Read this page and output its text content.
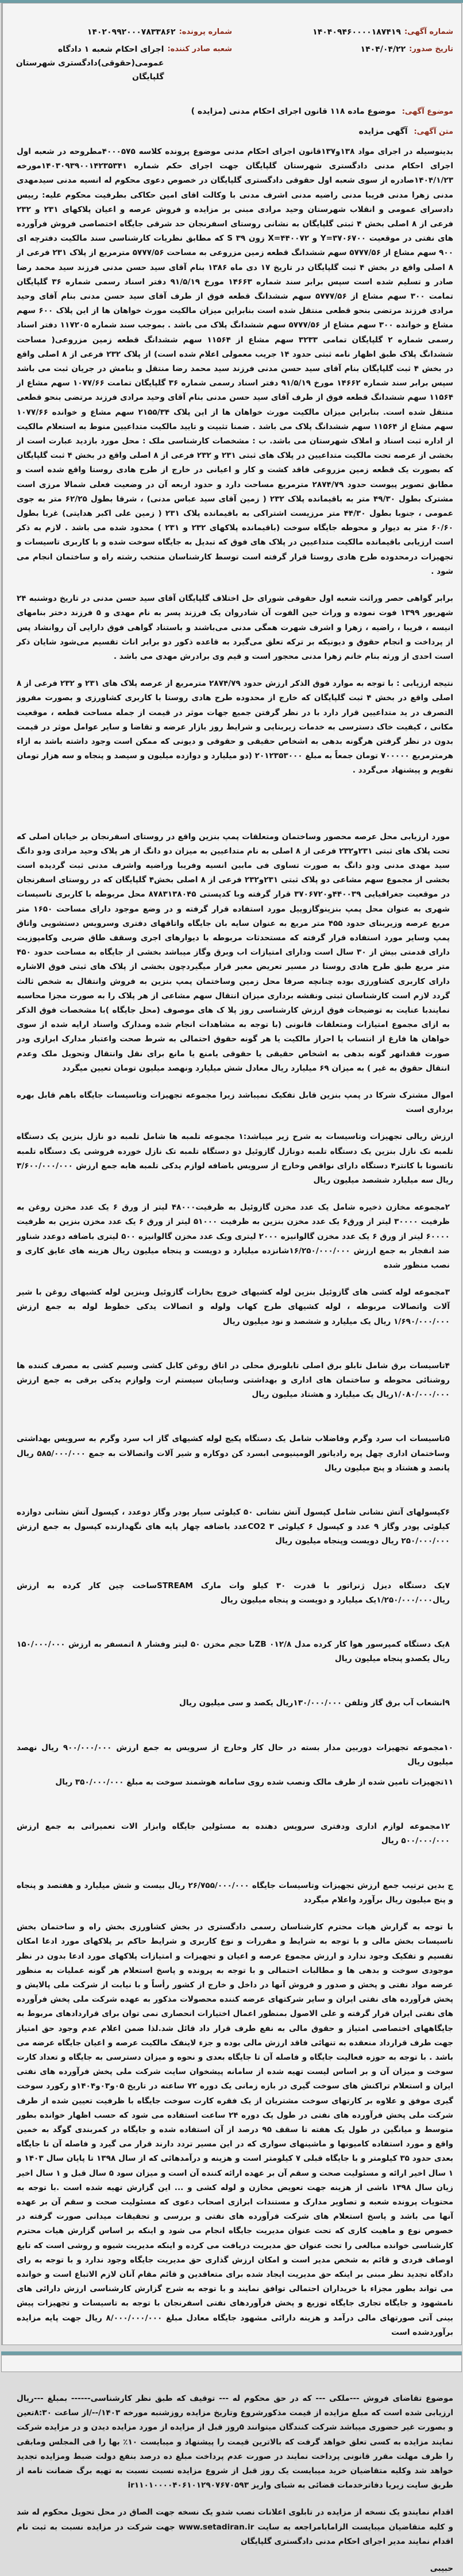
شماره آگهی:
۱۴۰۴۰۹۴۶۰۰۰۰۱۸۷۴۱۹
شماره پرونده:
۱۴۰۲۰۹۹۲۰۰۰۷۸۳۳۸۶۲
تاریخ صدور:
۱۴۰۴/۰۴/۲۲
شعبه صادر کننده:
اجرای احکام شعبه ۱ دادگاه عمومی(حقوقی)دادگستری شهرستان گلپایگان
موضوع آگهی: موضوع ماده ۱۱۸ قانون اجرای احکام مدنی (مزایده )
متن آگهی: آگهی مزایده

بدینوسیله در اجرای مواد ۱۳۸و۱۳۷قانون اجرای احکام مدنی موضوع پرونده کلاسه ۴۰۰۰۵۷۵مطروحه در شعبه اول اجرای احکام مدنی دادگستری شهرستان گلپایگان جهت اجرای حکم شماره ۱۴۰۳۰۹۳۹۰۰۱۴۲۳۵۳۴۱مورخه ۱۴۰۴/۱/۲۳صادره از سوی شعبه اول حقوقی دادگستری گلپایگان در خصوص دعوی محکوم له انسیه مدنی سیدمهدی مدنی زهرا مدنی فریبا مدنی راضیه مدنی اشرف مدنی با وکالت اقای امین حکاکی بطرفیت محکوم علیه: رییس دادسرای عمومی و انقلاب شهرستان وحید مرادی مبنی بر مزایده و فروش عرصه و اعیان پلاکهای ۲۳۱ و ۲۳۲ فرعی از ۸ اصلی بخش ۴ ثبتی گلپایگان به نشانی روستای اسفرنجان حد شرقی جایگاه اختصاصی فروش فرآورده های نفتی در موقعیت ۳۷۰۶۷۰۰=Y و ۴۴۰۰۷۲=X زون ۳۹ S که مطابق نظریات کارشناسی سند مالکیت دفترچه ای ۹۰۰ سهم مشاع از ۵۷۷۷/۵۶ سهم ششدانگ قطعه زمین مزروعی به مساحت ۵۷۷۷/۵۶ مترمربع از پلاک ۲۳۱ فرعی از ۸ اصلی واقع در بخش ۴ ثبت گلپایگان در تاریخ ۱۷ دی ماه ۱۳۸۶ بنام آقای سید حسن مدنی فرزند سید محمد رضا صادر و تسلیم شده است سپس برابر سند شماره ۱۴۶۶۳ مورخ ۹۱/۵/۱۹ دفتر اسناد رسمی شماره ۳۶ گلپایگان تمامت ۳۰۰ سهم مشاع از ۵۷۷۷/۵۶ سهم ششدانگ قطعه فوق از طرف آقای سید حسن مدنی بنام آقای وحید مرادی فرزند مرتضی بنحو قطعی منتقل شده است بنابراین میزان مالکیت مورث خواهان ها از این پلاک ۶۰۰ سهم مشاع و خوانده ۳۰۰ سهم مشاع از ۵۷۷۷/۵۶ سهم ششدانگ پلاک می باشد . بموجب سند شماره ۱۱۷۲۰۵ دفتر اسناد رسمی شماره ۲ گلپایگان تمامی ۳۲۳۳ سهم مشاع از ۱۱۵۶۴ سهم ششدانگ قطعه زمین مزروعی( مساحت ششدانگ پلاک طبق اظهار نامه ثبتی حدود ۱۴ جریب معمولی اعلام شده است) از پلاک ۲۳۲ فرعی از ۸ اصلی واقع در بخش ۴ ثبت گلپایگان بنام آقای سید حسن مدنی فرزند سید محمد رضا منتقل و بنامش در جریان ثبت می باشد سپس برابر سند شماره ۱۴۶۶۲ مورخ ۹۱/۵/۱۹ دفتر اسناد رسمی شماره ۳۶ گلپایگان تمامت ۱۰۷۷/۶۶ سهم مشاع از ۱۱۵۶۴ سهم ششدانگ قطعه فوق از طرف آقای سید حسن مدنی بنام آقای وحید مرادی فرزند مرتضی بنحو قطعی منتقل شده است. بنابراین میزان مالکیت مورث خواهان ها از این پلاک ۲۱۵۵/۳۴ سهم مشاع و خوانده ۱۰۷۷/۶۶ سهم مشاع از ۱۱۵۶۴ سهم ششدانگ پلاک می باشد . ضمنا تثبیت و تایید مالکیت متداعیین منوط به استعلام مالکیت از اداره ثبت اسناد و املاک شهرستان می باشد. ب : مشخصات کارشناسی ملک : محل مورد بازدید عبارت است از بخشی از عرصه تحت مالکیت متداعیین در پلاک های ثبتی ۲۳۱ و ۲۳۲ فرعی از ۸ اصلی واقع در بخش ۴ ثبت گلپایگان که بصورت یک قطعه زمین مزروعی فاقد کشت و کار و اعیانی در خارج از طرح هادی روستا واقع شده است و مطابق تصویر پیوست حدود ۲۸۷۴/۷۹ مترمربع مساحت دارد و حدود اربعه آن در وضعیت فعلی شمالا مرزی است مشترک بطول ۴۹/۳۰ متر به باقیمانده پلاک ۲۳۲ ( زمین آقای سید عباس مدنی) ، شرقا بطول ۶۲/۲۵ متر به جوی عمومی ، جنوبا بطول ۴۴/۳۰ متر مرزیست اشتراکی به باقیمانده پلاک ۲۳۱ ( زمین علی اکبر هدایتی) غربا بطول ۶۰/۶۰ متر به دیوار و محوطه جایگاه سوخت (باقیمانده پلاکهای ۲۳۲ و ۲۳۱ ) محدود شده می باشد . لازم به ذکر است ارزیابی باقیمانده مالکیت متداعیین در پلاک های فوق که تبدیل به جایگاه سوخت شده و با کاربری تاسیسات و تجهیزات درمحدوده طرح هادی روستا قرار گرفته است توسط کارشناسان منتخب رشته راه و ساختمان انجام می شود .

برابر گواهی حصر وراثت شعبه اول حقوقی شورای حل اختلاف گلپایگان آقای سید حسن مدنی در تاریخ دوشنبه ۲۴ شهریور ۱۳۹۹ فوت نموده و وراث حین الفوت آن شادروان یک فرزند پسر به نام مهدی و ۵ فرزند دختر بنامهای انیسه ، فریبا ، راضیه ، زهرا و اشرف شهرت همگی مدنی می‌باشند و باستناد گواهی فوق دارایی آن روانشاد پس از پرداخت و انجام حقوق و دیونیکه بر ترکه تعلق می‌گیرد به قاعده ذکور دو برابر اناث تقسیم می‌شود شایان ذکر است احدی از ورثه بنام خانم زهرا مدنی محجور است و قیم وی برادرش مهدی می باشد .

نتیجه ارزیابی : با توجه به موارد فوق الذکر ارزش حدود ۲۸۷۴/۷۹ مترمربع از عرصه پلاک های ۲۳۱ و ۲۳۲ فرعی از ۸ اصلی واقع در بخش ۴ ثبت گلپایگان که خارج از محدوده طرح هادی روستا با کاربری کشاورزی و بصورت مفروز التصرف در ید متداعیین قرار دارد با در نظر گرفتن جمیع جهات موثر در قیمت از جمله مساحت قطعه ، موقعیت مکانی ، کیفیت خاک دسترسی به خدمات زیربنایی و شرایط روز بازار عرضه و تقاضا و سایر عوامل موثر در قیمت بدون در نظر گرفتن هرگونه بدهی به اشخاص حقیقی و حقوقی و دیونی که ممکن است وجود داشته باشد به ازاء هرمترمربع ۷۰۰۰۰۰ تومان جمعاً به مبلغ ۲۰۱۲۳۵۳۰۰۰ (دو میلیارد و دوازده میلیون و سیصد و پنجاه و سه هزار تومان تقویم و پیشنهاد می‌گردد .

مورد ارزیابی محل عرصه محصور وساختمان ومتعلقات پمپ بنزین واقع در روستای اسفرنجان بر خیابان اصلی که تحت پلاک های ثبتی ۲۳۱و۲۳۲ فرعی از ۸ اصلی به نام متداعیین به میزان دو دانگ از هر پلاک وحید مرادی ودو دانگ سید مهدی مدنی ودو دانگ به صورت تساوی فی مابین انسیه وفریبا وراضیه واشرف مدنی ثبت گردیده است بخشی از مجموع سهم مشاعی دو پلاک ثبتی ۲۳۱و۲۳۲ فرعی از ۸ اصلی بخش۴ گلپایگان که در روستای اسفرنجان در موقعیت جغرافیایی ۴۴۰۰۳۹و۳۷۰۶۷۲۰ قرار گرفته وبا کدپستی ۸۷۸۳۱۳۸۰۴۵ محل مربوطه با کاربری تاسیسات شهری به عنوان محل پمپ بنزینوگازوییل مورد استفاده قرار گرفته و در وضع موجود دارای مساحت ۱۶۵۰ متر مربع عرصه وزیربنای حدود ۴۵۵ متر مربع به عنوان سایه بان جایگاه واتاقهای دفتری وسرویس دستشویی واتاق پمپ وسایر مورد استفاده قرار گرفته که مستحدثات مربوطه با دیوارهای اجری وسقف طاق ضربی وکامپوزیت دارای قدمتی بیش از ۳۰ سال است ودارای امتیازات اب وبرق وگاز میباشد بخشی از جایگاه به مساحت حدود ۴۵۰ متر مربع طبق طرح هادی روستا در مسیر تعریض معبر قرار میگیردچون بخشی از پلاک های ثبتی فوق الاشاره دارای کاربری کشاورزی بوده چنانچه صرفا محل زمین وساختمان پمپ بنزین به فروش وانتقال به شخص ثالث گردد لازم است کارشناسان ثبتی ونقشه برداری میزان انتقال سهم مشاعی از هر پلاک را به صورت مجزا محاسبه نمایندبا عنایت به توضیحات فوق ارزش کارشناسی روز پلا ک های موصوف (محل جایگاه )با مشخصات فوق الذکر به ازای مجموع امتیازات ومتعلقات قانونی (با توجه به مشاهدات انجام شده ومدارک واسناد ارایه شده از سوی خواهان ها فارغ از انتساب یا احراز مالکیت یا هر گونه حقوق احتمالی به شرط صحت واعتبار مدارک ابرازی ودر صورت فقدانهر گونه بدهی به اشخاص حقیقی یا حقوقی یامنع یا مانع برای نقل وانتقال وتحویل ملک وعدم انتقال حقوق به غیر ) به میزان ۶۹ میلیارد ریال معادل شش میلیارد ونهصد میلیون تومان تعیین میگردد

اموال مشترک شرکا در پمپ بنزین قابل تفکیک نمیباشد زیرا مجموعه تجهیزات وتاسیسات جایگاه باهم قابل بهره برداری است

ارزش ریالی تجهیزات وتاسیسات به شرح زیر میباشد:۱ مجموعه تلمبه ها شامل تلمبه دو نازل بنزین یک دستگاه تلمبه تک نازل بنزین یک دستگاه تلمبه دونازل گازوئیل دو دستگاه تلمبه تک نازل خورده فروشی یک دستگاه تلمبه تاتسونا با کانتر۴ دستگاه دارای نواقص وخارج از سرویس باضافه لوازم یدکی تلمبه هابه جمع ارزش ۳/۶۰۰/۰۰۰/۰۰۰ ریال سه میلیارد ششصد میلیون ریال

۲مجموعه مخازن ذخیره شامل یک عدد مخزن گازوئیل به ظرفیت۴۸۰۰۰ لیتر از ورق ۶ یک عدد مخزن روغن به ظرفیت ۳۰۰۰۰ لیتر از ورق۶ یک عدد مخزن بنزین به ظرفیت ۵۱۰۰۰ لیتر از ورق ۶ یک عدد مخزن بنزین به ظرفیت ۶۰۰۰۰ لیتر از ورق ۶ یک عدد مخزن گالوانیزه ۲۰۰۰ لیتری ویک عدد مخزن گالوانیزه ۵۰۰ لیتری باضافه دوعدد شناور ضد انفجار به جمع ارزش ۱۶/۲۵۰/۰۰۰/۰۰۰شانزده میلیارد و دویست و پنجاه میلیون ریال هزینه های عایق کاری و نصب منظور شده

۳مجموعه لوله کشی های گازوئیل بنزین لوله کشیهای خروج بخارات گازوئیل وبنزین لوله کشیهای روغن با شیر آلات واتصالات مربوطه ، لوله کشیهای طرح کهاب ولوله و اتصالات یدکی خطوط لوله به جمع ارزش ۱/۶۹۰/۰۰۰/۰۰۰ ریال یک میلیارد و ششصد و نود میلیون ریال

۴تاسیسات برق شامل تابلو برق اصلی تابلوبرق محلی در اتاق روغن کابل کشی وسیم کشی به مصرف کننده ها روشنائی محوطه و ساختمان های اداری و بهداشتی وسایبان سیستم ارت ولوازم یدکی برقی به جمع ارزش ۱/۰۸۰/۰۰۰/۰۰۰ریال یک میلیارد و هشتاد میلیون ریال

۵تاسیسات اب سرد وگرم وفاضلاب شامل یک دستگاه پکیج لوله کشیهای گاز اب سرد وگرم به سرویس بهداشتی وساختمان اداری چهل پره رادیاتور الومینیومی ابسرد کن دوکاره و شیر آلات واتصالات به جمع ۵۸۵/۰۰۰/۰۰۰ ریال پانصد و هشتاد و پنج میلیون ریال

۶کپسولهای آتش نشانی شامل کپسول آتش نشانی ۵۰ کیلوئی سیار پودر وگاز دوعدد ، کپسول آتش نشانی دوازده کیلوئی پودر وگاز ۹ عدد و کپسول ۶ کیلوئی CO2 ۳عدد باضافه چهار پایه های نگهدارنده کپسول به جمع ارزش ۲۵۰/۰۰۰/۰۰۰ ریال دویست وپنجاه میلیون ریال

۷یک دستگاه دیزل ژنراتور با قدرت ۳۰ کیلو وات مارک STREAMساخت چین کار کرده به ارزش ریال۱/۲۵۰/۰۰۰/۰۰۰یک میلیارد و دویست و پنجاه میلیون ریال

۸یک دستگاه کمپرسور هوا کار کرده مدل ZB ۰۱۲/۸با حجم مخزن ۵۰ لیتر وفشار ۸ اتمسفر به ارزش ۱۵۰/۰۰۰/۰۰۰ ریال یکصدو پنجاه میلیون ریال

۹انشعاب آب برق گاز وتلفن ۱۳۰/۰۰۰/۰۰۰ریال یکصد و سی میلیون ریال

۱۰مجموعه تجهیزات دوربین مدار بسته در حال کار وخارج از سرویس به جمع ارزش ۹۰۰/۰۰۰/۰۰۰ ریال نهصد میلیون ریال

۱۱تجهیزات تامین شده از طرف مالک ونصب شده روی سامانه هوشمند سوخت به مبلغ ۳۵۰/۰۰۰/۰۰۰ ریال

۱۲مجموعه لوازم اداری ودفتری سرویس دهنده به مسئولین جایگاه وابزار الات تعمیراتی به جمع ارزش ۵۰۰/۰۰۰/۰۰۰ ریال

ج بدین ترتیب جمع ارزش تجهیزات وتاسیسات جایگاه ۲۶/۷۵۵/۰۰۰/۰۰۰ ریال بیست و شش میلیارد و هفتصد و پنجاه و پنج میلیون ریال برآورد واعلام میگردد

با توجه به گزارش هیات محترم کارشناسان رسمی دادگستری در بخش کشاورزی بخش راه و ساختمان بخش تاسیسات بخش مالی و با توجه به شرایط و مقررات و نوع کاربری و شرایط حاکم بر پلاکهای مورد ادعا امکان تقسیم و تفکیک وجود ندارد و ارزش مجموع عرصه و اعیان و تجهیزات و امتیازات پلاکهای مورد ادعا بدون در نظر موجودی سوخت و بدهی ها و مطالبات احتمالی و با توجه به پرونده و پاسخ استعلام هر گونه عملیات به منظور عرضه مواد نفتی و پخش و صدور و فروش آنها در داخل و خارج از کشور رأساً و با نیابت از شرکت ملی پالایش و پخش فرآورده های نفتی ایران و سایر شرکتهای عرضه کننده محصولات مذکور به عهده شرکت ملی پخش فرآورده های نفتی ایران قرار گرفته و علی الاصول بمنظور اعمال اختیارات انحصاری نمی توان برای قراردادهای مربوط به جایگاههای اختصاصی امتیاز و حقوق مالی به نفع طرف قرار داد قائل شد.لذا ضمن اعلام عدم وجود حق امتیاز جهت طرف قرارداد منعقده به تنهائی فاقد ارزش مالی بوده و جزء لاینفک مالکیت عرصه و اعیان جایگاه عرضه می باشد . با توجه به حوزه فعالیت جایگاه و فاصله آن تا جایگاه بعدی و نحوه و میزان دسترسی به جایگاه و تعداد کارت سوخت و میزان آن و بر اساس لیست تهیه شده از سامانه پیشخوان سایت شرکت ملی پخش فرآورده های نفتی ایران و استعلام تراکنش های سوخت گیری در بازه زمانی یک دوره ۷۲ ساعته در تاریخ ۰۵و۰۳و۱۴۰۴و رکورد سوخت گیری موفق و علاوه بر کارتهای سوخت مشتریان از یک فقره کارت سوخت جایگاه با ظرفیت تعیین شده از طرف شرکت ملی پخش فرآورده های نفتی در طول یک دوره ۲۴ ساعت استفاده می شود که حسب اظهار خوانده بطور متوسط و میانگین در طول یک هفته تا سقف ۹۵ درصد از آن استفاده شده و جایگاه در کمربندی گوگد به خمین واقع و مورد استفاده کامیونها و ماشینهای سواری که در این مسیر تردد دارند قرار می گیرد و فاصله آن تا جایگاه بعدی حدود ۳۵ کیلومتر و با جایگاه قبلی ۷ کیلومتر است و هزینه و درآمدهائی که از سال ۱۳۹۸ تا پایان سال ۱۴۰۳ و ۱ سال اخیر ارائه و مسئولیت صحت و سقم آن بر عهده ارائه کننده آن است و میزان سود ۵ سال قبل و ۱ سال اخیر زیان سال ۱۳۹۸ ناشی از هزینه جهت تعویض مخازن و لوله کشی و ... این گزارش تهیه شده است .با توجه به محتویات پرونده شعبه و تصاویر مدارک و مستندات ابرازی اصحاب دعوی که مسئولیت صحت و سقم آن بر عهده آنها می باشد و پاسخ استعلام های شرکت فرآورده های نفتی و بررسی و تحقیقات میدانی صورت گرفته در خصوص نوع و ماهیت کاری که تحت عنوان مدیریت جایگاه انجام می شود و اینکه بر اساس گزارش هیات محترم کارشناسی خوانده مبالغی را تحت عنوان حق مدیریت دریافت می کرده و اینکه مدیریت شیوه و روشی است که تابع اوصاف فردی و قائم به شخص مدیر است و امکان ارزش گذاری حق مدیریت جایگاه وجود ندارد و با توجه به رای دادگاه تجدید نظر مبنی بر اینکه حق مدیریت ایجاد شده برای متعاقدین و قائم مقام آنان لازم الاتباع است و خوانده می تواند بطور مجزاء با خریداران احتمالی توافق نمایند و با توجه به شرح گزارش کارشناسی ارزش دارائی های نامشهود و جایگاه تجاری جایگاه توزیع و پخش فرآوردهای نفتی اسفرنجان با توجه به تاسیسات و تجهیزات پیش بینی آتی صورتهای مالی درآمد و هزینه دارائی مشهود جایگاه معادل مبلغ ۸/۰۰۰/۰۰۰/۰۰۰ ریال جهت پایه مزایده برآوردشده است

موضوع تقاضای فروش ---ملکی --- که در حق محکوم له --- توقیف که طبق نظر کارشناسی------ بمبلغ ---ریال ارزیابی شده است که مبلغ مزایده از قیمت مذکورشروع وتاریخ مزایده روزشنبه مورخه ۱۴۰۳/--/از ساعت ۸:۳۰تعین و بصورت غیر حضوری میباشد شرکت کنندگان میتوانند ۵روز قبل از مزایده از مورد مزایده دیدن و در مزایده شرکت نمایند مزایده به کسی تعلق خواهد گرفت که بالاترین قیمت را پیشنهاد و میبایست ۱۰٪ بها را فی المجلس ومابقی را ظرف مهلت مقرر قانونی پرداخت نمایند در صورت عدم پرداخت مبلغ ده درصد بنفع دولت ضبط ومزایده تجدید خواهد شد وکلیه متقاضیان خرید میبایست یک روز قبل از شروع مزایده نسبت نسبت به تهیه برگ ضمانت نامه از طریق سایت زیریا دفاترخدمات قضائی به شبای واریز ir۱۱۰۱۰۰۰۰۴۰۶۱۰۱۲۹۰۷۶۷۰۵۹۳

اقدام نمایندو یک نسخه از مزایده در تابلوی اعلانات نصب شدو یک نسخه جهت الصاق در محل تحویل محکوم له شد و کلیه متقاضیان میبایست الزامابامراجعه به سایت www.setadiran.ir جهت شرکت در مزایده نسبت به ثبت نام اقدام نمایند مدیر اجرای احکام مدنی دادگستری گلپایگان

حبیبی
